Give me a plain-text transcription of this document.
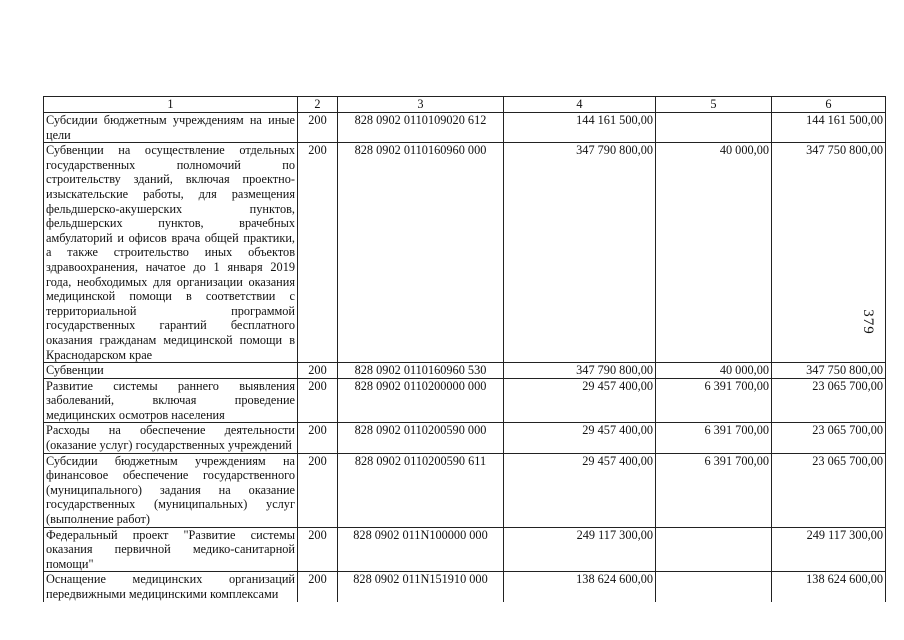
379
1	2	3	4	5	6
Субсидии бюджетным учреждениям на иные цели	200	828 0902 0110109020 612	144 161 500,00		144 161 500,00
Субвенции на осуществление отдельных государственных полномочий по строительству зданий, включая проектно-изыскательские работы, для размещения фельдшерско-акушерских пунктов, фельдшерских пунктов, врачебных амбулаторий и офисов врача общей практики, а также строительство иных объектов здравоохранения, начатое до 1 января 2019 года, необходимых для организации оказания медицинской помощи в соответствии с территориальной программой государственных гарантий бесплатного оказания гражданам медицинской помощи в Краснодарском крае	200	828 0902 0110160960 000	347 790 800,00	40 000,00	347 750 800,00
Субвенции	200	828 0902 0110160960 530	347 790 800,00	40 000,00	347 750 800,00
Развитие системы раннего выявления заболеваний, включая проведение медицинских осмотров населения	200	828 0902 0110200000 000	29 457 400,00	6 391 700,00	23 065 700,00
Расходы на обеспечение деятельности (оказание услуг) государственных учреждений	200	828 0902 0110200590 000	29 457 400,00	6 391 700,00	23 065 700,00
Субсидии бюджетным учреждениям на финансовое обеспечение государственного (муниципального) задания на оказание государственных (муниципальных) услуг (выполнение работ)	200	828 0902 0110200590 611	29 457 400,00	6 391 700,00	23 065 700,00
Федеральный проект "Развитие системы оказания первичной медико-санитарной помощи"	200	828 0902 011N100000 000	249 117 300,00		249 117 300,00
Оснащение медицинских организаций передвижными медицинскими комплексами	200	828 0902 011N151910 000	138 624 600,00		138 624 600,00
